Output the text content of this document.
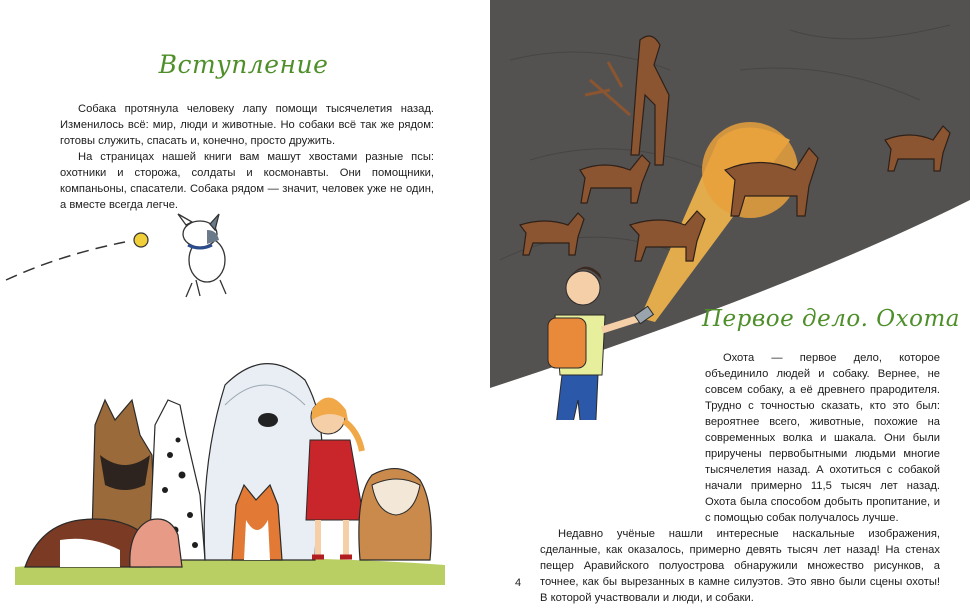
Вступление

Собака протянула человеку лапу помощи тысячелетия назад. Изменилось всё: мир, люди и животные. Но собаки всё так же рядом: готовы служить, спасать и, конечно, просто дружить.

На страницах нашей книги вам машут хвостами разные псы: охотники и сторожа, солдаты и космонавты. Они помощники, компаньоны, спасатели. Собака рядом — значит, человек уже не один, а вместе всегда легче.

Первое дело. Охота

Охота — первое дело, которое объединило людей и собаку. Вернее, не совсем собаку, а её древнего прародителя. Трудно с точностью сказать, кто это был: вероятнее всего, животные, похожие на современных волка и шакала. Они были приручены первобытными людьми многие тысячелетия назад. А охотиться с собакой начали примерно 11,5 тысяч лет назад. Охота была способом добыть пропитание, и с помощью собак получалось лучше.

Недавно учёные нашли интересные наскальные изображения, сделанные, как оказалось, примерно девять тысяч лет назад! На стенах пещер Аравийского полуострова обнаружили множество рисунков, а точнее, как бы вырезанных в камне силуэтов. Это явно были сцены охоты! В которой участвовали и люди, и собаки.

4
